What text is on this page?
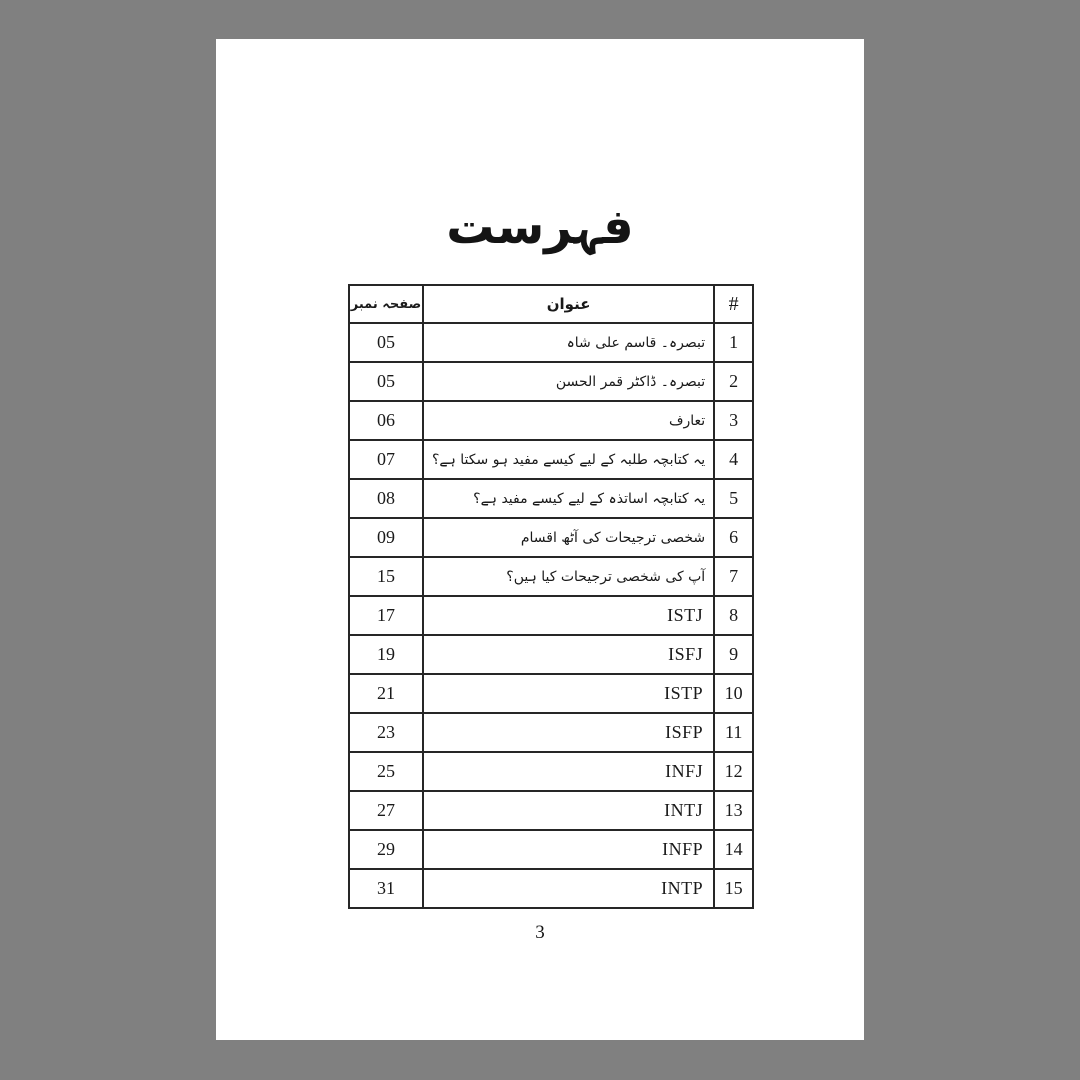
فہرست
#	عنوان	صفحہ نمبر
1	تبصرہ۔ قاسم علی شاہ	05
2	تبصرہ۔ ڈاکٹر قمر الحسن	05
3	تعارف	06
4	یہ کتابچہ طلبہ کے لیے کیسے مفید ہو سکتا ہے؟	07
5	یہ کتابچہ اساتذہ کے لیے کیسے مفید ہے؟	08
6	شخصی ترجیحات کی آٹھ اقسام	09
7	آپ کی شخصی ترجیحات کیا ہیں؟	15
8	ISTJ	17
9	ISFJ	19
10	ISTP	21
11	ISFP	23
12	INFJ	25
13	INTJ	27
14	INFP	29
15	INTP	31
3
